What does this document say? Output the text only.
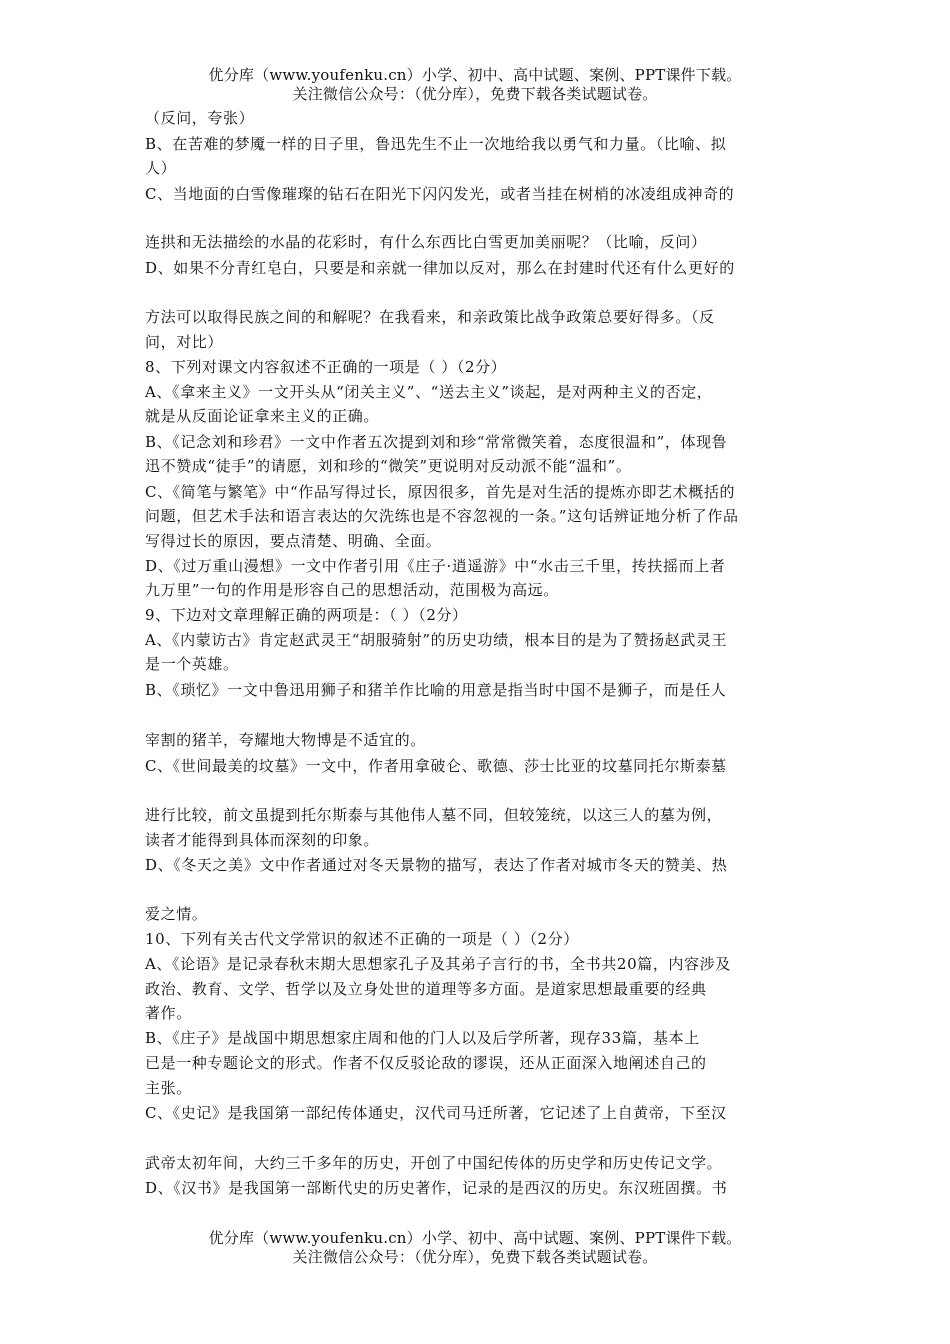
优分库（www.youfenku.cn）小学、初中、高中试题、案例、PPT课件下载。
关注微信公众号：（优分库），免费下载各类试题试卷。
（反问，夸张）
B、在苦难的梦魇一样的日子里，鲁迅先生不止一次地给我以勇气和力量。（比喻、拟
人）
C、当地面的白雪像璀璨的钻石在阳光下闪闪发光，或者当挂在树梢的冰凌组成神奇的
连拱和无法描绘的水晶的花彩时，有什么东西比白雪更加美丽呢？（比喻，反问）
D、如果不分青红皂白，只要是和亲就一律加以反对，那么在封建时代还有什么更好的
方法可以取得民族之间的和解呢？在我看来，和亲政策比战争政策总要好得多。（反
问，对比）
8、下列对课文内容叙述不正确的一项是（ ）（2分）
A、《拿来主义》一文开头从“闭关主义”、“送去主义”谈起，是对两种主义的否定，
就是从反面论证拿来主义的正确。
B、《记念刘和珍君》一文中作者五次提到刘和珍“常常微笑着，态度很温和”，体现鲁
迅不赞成“徒手”的请愿，刘和珍的“微笑”更说明对反动派不能“温和”。
C、《简笔与繁笔》中“作品写得过长，原因很多，首先是对生活的提炼亦即艺术概括的
问题，但艺术手法和语言表达的欠洗练也是不容忽视的一条。”这句话辨证地分析了作品
写得过长的原因，要点清楚、明确、全面。
D、《过万重山漫想》一文中作者引用《庄子·逍遥游》中“水击三千里，抟扶摇而上者
九万里”一句的作用是形容自己的思想活动，范围极为高远。
9、下边对文章理解正确的两项是：（ ）（2分）
A、《内蒙访古》肯定赵武灵王“胡服骑射”的历史功绩，根本目的是为了赞扬赵武灵王
是一个英雄。
B、《琐忆》一文中鲁迅用狮子和猪羊作比喻的用意是指当时中国不是狮子，而是任人
宰割的猪羊，夸耀地大物博是不适宜的。
C、《世间最美的坟墓》一文中，作者用拿破仑、歌德、莎士比亚的坟墓同托尔斯泰墓
进行比较，前文虽提到托尔斯泰与其他伟人墓不同，但较笼统，以这三人的墓为例，
读者才能得到具体而深刻的印象。
D、《冬天之美》文中作者通过对冬天景物的描写，表达了作者对城市冬天的赞美、热
爱之情。
10、下列有关古代文学常识的叙述不正确的一项是（ ）（2分）
A、《论语》是记录春秋末期大思想家孔子及其弟子言行的书，全书共20篇，内容涉及
政治、教育、文学、哲学以及立身处世的道理等多方面。是道家思想最重要的经典
著作。
B、《庄子》是战国中期思想家庄周和他的门人以及后学所著，现存33篇，基本上
已是一种专题论文的形式。作者不仅反驳论敌的谬误，还从正面深入地阐述自己的
主张。
C、《史记》是我国第一部纪传体通史，汉代司马迁所著，它记述了上自黄帝，下至汉
武帝太初年间，大约三千多年的历史，开创了中国纪传体的历史学和历史传记文学。
D、《汉书》是我国第一部断代史的历史著作，记录的是西汉的历史。东汉班固撰。书
优分库（www.youfenku.cn）小学、初中、高中试题、案例、PPT课件下载。
关注微信公众号：（优分库），免费下载各类试题试卷。
